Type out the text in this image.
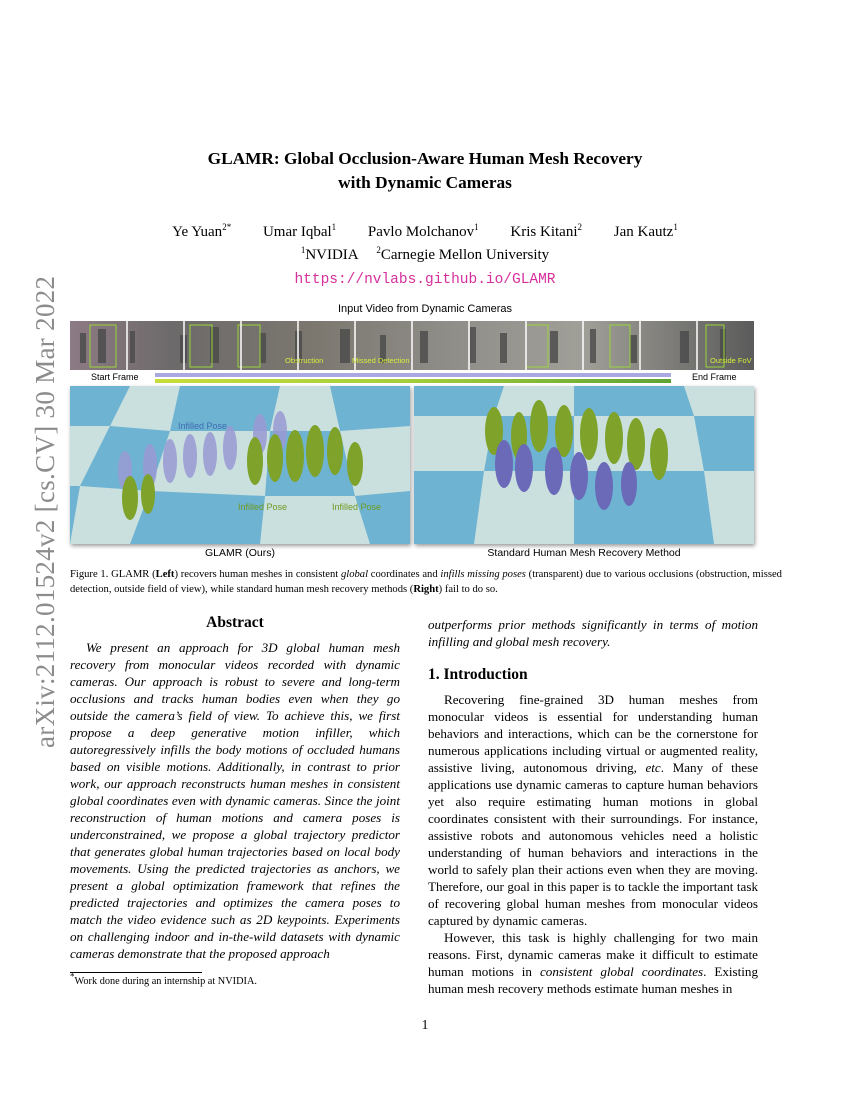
GLAMR: Global Occlusion-Aware Human Mesh Recovery
with Dynamic Cameras
Ye Yuan$^{2*}$ Umar Iqbal$^1$ Pavlo Molchanov$^1$ Kris Kitani$^2$ Jan Kautz$^1$
$^1$NVIDIA $^2$Carnegie Mellon University
https://nvlabs.github.io/GLAMR
arXiv:2112.01524v2 [cs.CV] 30 Mar 2022	Input Video from Dynamic Cameras
Obstruction	Missed Detection	Outside FoV
Start Frame	End Frame
Infilled Pose
Infilled Pose	Infilled Pose
GLAMR (Ours)	Standard Human Mesh Recovery Method
Figure 1. GLAMR (Left) recovers human meshes in consistent global coordinates and infills missing poses (transparent) due to various occlusions (obstruction, missed detection, outside field of view), while standard human mesh recovery methods (Right) fail to do so.
Abstract
We present an approach for 3D global human mesh recovery from monocular videos recorded with dynamic cameras. Our approach is robust to severe and long-term occlusions and tracks human bodies even when they go outside the camera’s field of view. To achieve this, we first propose a deep generative motion infiller, which autoregressively infills the body motions of occluded humans based on visible motions. Additionally, in contrast to prior work, our approach reconstructs human meshes in consistent global coordinates even with dynamic cameras. Since the joint reconstruction of human motions and camera poses is underconstrained, we propose a global trajectory predictor that generates global human trajectories based on local body movements. Using the predicted trajectories as anchors, we present a global optimization framework that refines the predicted trajectories and optimizes the camera poses to match the video evidence such as 2D keypoints. Experiments on challenging indoor and in-the-wild datasets with dynamic cameras demonstrate that the proposed approach
outperforms prior methods significantly in terms of motion infilling and global mesh recovery.
1. Introduction
Recovering fine-grained 3D human meshes from monocular videos is essential for understanding human behaviors and interactions, which can be the cornerstone for numerous applications including virtual or augmented reality, assistive living, autonomous driving, etc. Many of these applications use dynamic cameras to capture human behaviors yet also require estimating human motions in global coordinates consistent with their surroundings. For instance, assistive robots and autonomous vehicles need a holistic understanding of human behaviors and interactions in the world to safely plan their actions even when they are moving. Therefore, our goal in this paper is to tackle the important task of recovering global human meshes from monocular videos captured by dynamic cameras.
However, this task is highly challenging for two main reasons. First, dynamic cameras make it difficult to estimate human motions in consistent global coordinates. Existing human mesh recovery methods estimate human meshes in
*Work done during an internship at NVIDIA.
1
